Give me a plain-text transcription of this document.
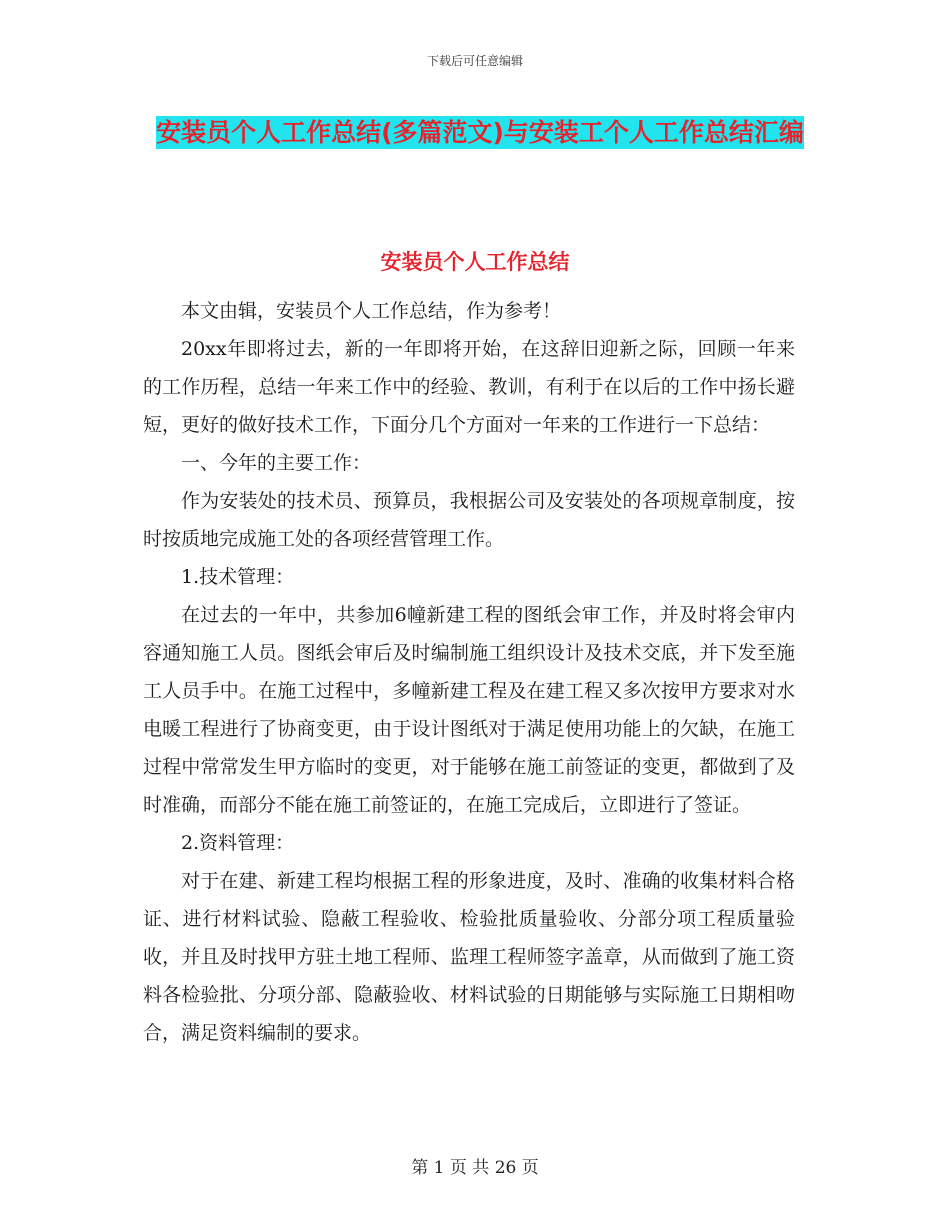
下载后可任意编辑
安装员个人工作总结(多篇范文)与安装工个人工作总结汇编
安装员个人工作总结

本文由辑，安装员个人工作总结，作为参考！

20xx年即将过去，新的一年即将开始，在这辞旧迎新之际，回顾一年来的工作历程，总结一年来工作中的经验、教训，有利于在以后的工作中扬长避短，更好的做好技术工作，下面分几个方面对一年来的工作进行一下总结：

一、今年的主要工作：

作为安装处的技术员、预算员，我根据公司及安装处的各项规章制度，按时按质地完成施工处的各项经营管理工作。

1.技术管理：

在过去的一年中，共参加6幢新建工程的图纸会审工作，并及时将会审内容通知施工人员。图纸会审后及时编制施工组织设计及技术交底，并下发至施工人员手中。在施工过程中，多幢新建工程及在建工程又多次按甲方要求对水电暖工程进行了协商变更，由于设计图纸对于满足使用功能上的欠缺，在施工过程中常常发生甲方临时的变更，对于能够在施工前签证的变更，都做到了及时准确，而部分不能在施工前签证的，在施工完成后，立即进行了签证。

2.资料管理：

对于在建、新建工程均根据工程的形象进度，及时、准确的收集材料合格证、进行材料试验、隐蔽工程验收、检验批质量验收、分部分项工程质量验收，并且及时找甲方驻土地工程师、监理工程师签字盖章，从而做到了施工资料各检验批、分项分部、隐蔽验收、材料试验的日期能够与实际施工日期相吻合，满足资料编制的要求。

第 1 页 共 26 页
